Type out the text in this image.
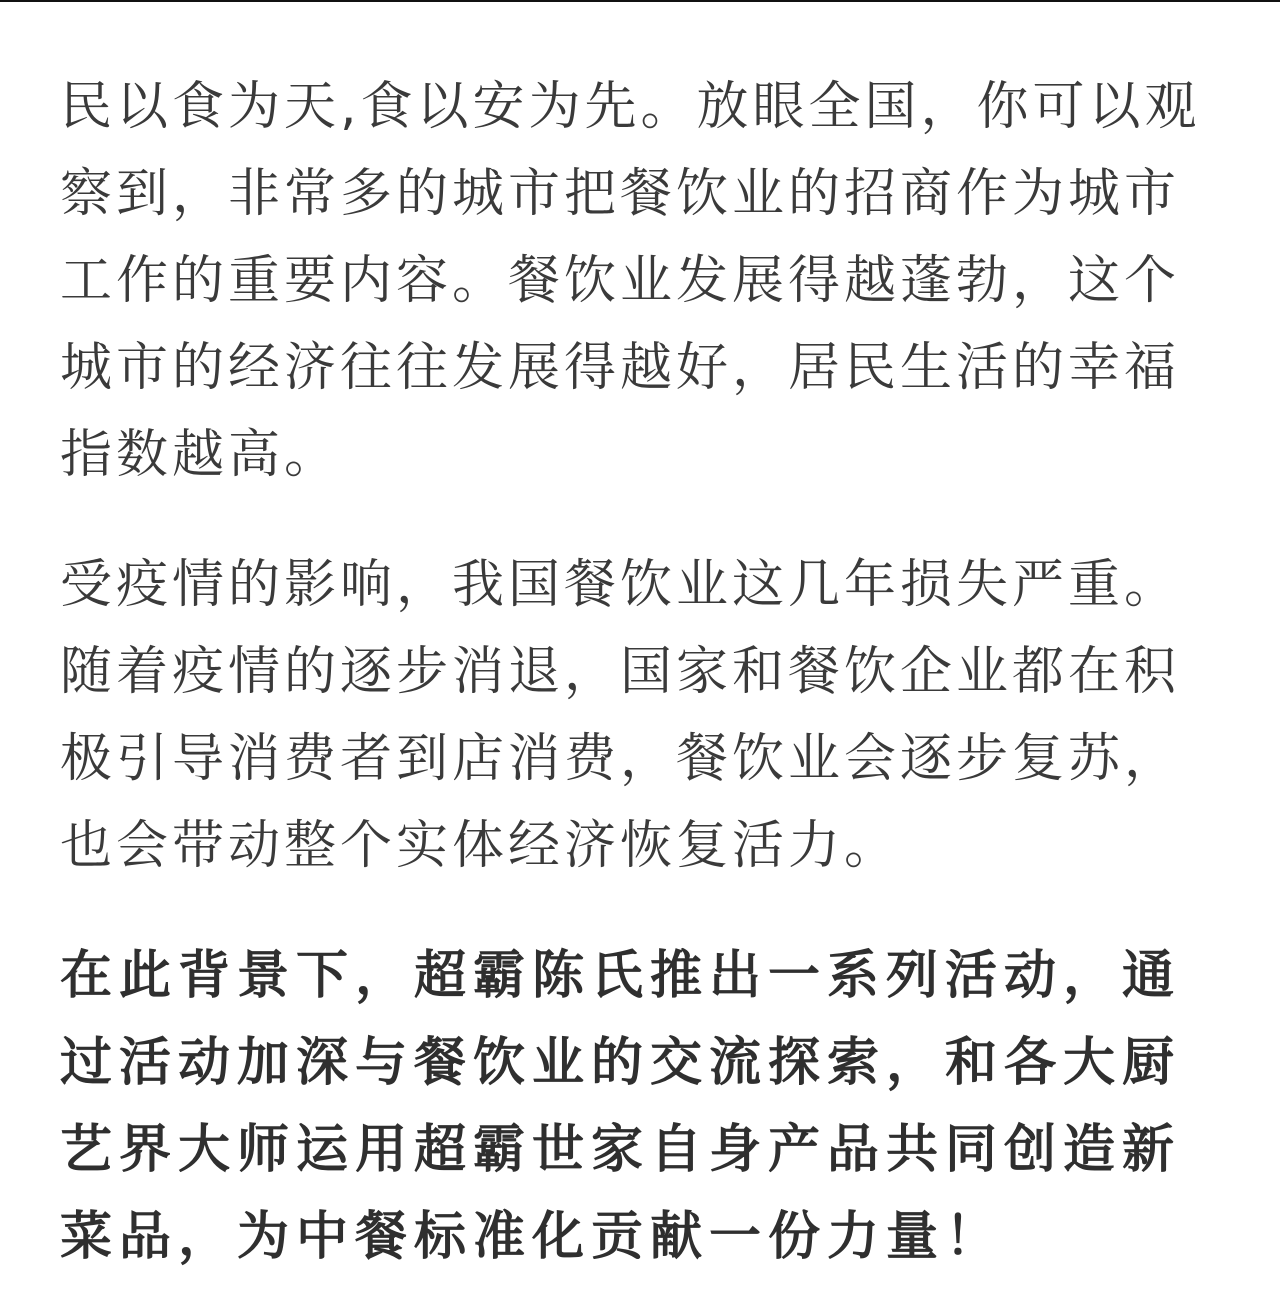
民以食为天,食以安为先。放眼全国，你可以观
察到，非常多的城市把餐饮业的招商作为城市
工作的重要内容。餐饮业发展得越蓬勃，这个
城市的经济往往发展得越好，居民生活的幸福
指数越高。

受疫情的影响，我国餐饮业这几年损失严重。
随着疫情的逐步消退，国家和餐饮企业都在积
极引导消费者到店消费，餐饮业会逐步复苏，
也会带动整个实体经济恢复活力。

在此背景下，超霸陈氏推出一系列活动，通
过活动加深与餐饮业的交流探索，和各大厨
艺界大师运用超霸世家自身产品共同创造新
菜品，为中餐标准化贡献一份力量！
